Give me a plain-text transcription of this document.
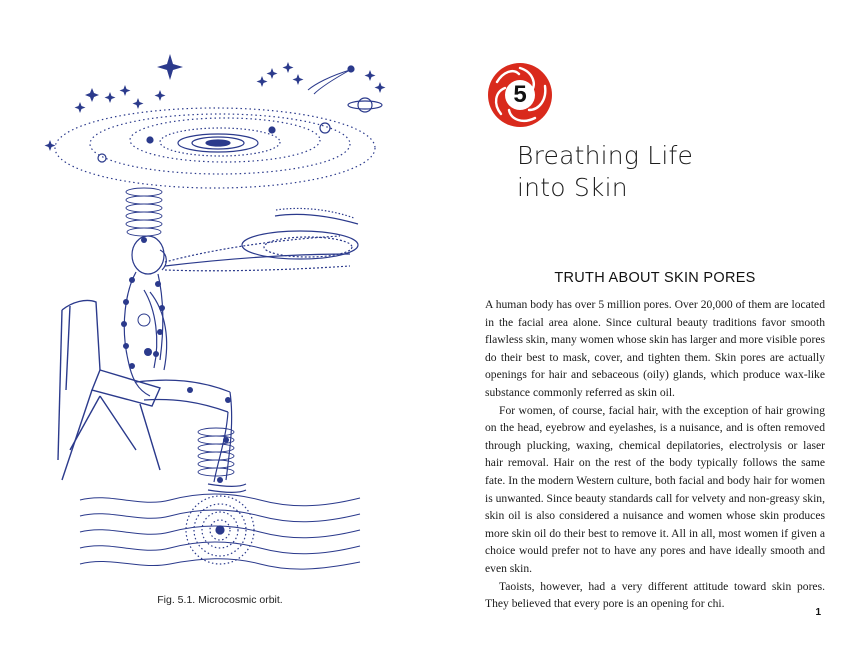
Fig. 5.1. Microcosmic orbit.
5
Breathing Life
into Skin
TRUTH ABOUT SKIN PORES

A human body has over 5 million pores. Over 20,000 of them are located in the facial area alone. Since cultural beauty traditions favor smooth flawless skin, many women whose skin has larger and more visible pores do their best to mask, cover, and tighten them. Skin pores are actually openings for hair and sebaceous (oily) glands, which produce wax-like substance commonly referred as skin oil.

For women, of course, facial hair, with the exception of hair growing on the head, eyebrow and eyelashes, is a nuisance, and is often removed through plucking, waxing, chemical depilatories, electrolysis or laser hair removal. Hair on the rest of the body typically follows the same fate. In the modern Western culture, both facial and body hair for women is unwanted. Since beauty standards call for velvety and non-greasy skin, skin oil is also considered a nuisance and women whose skin produces more skin oil do their best to remove it. All in all, most women if given a choice would prefer not to have any pores and have ideally smooth and even skin.

Taoists, however, had a very different attitude toward skin pores. They believed that every pore is an opening for chi.

1
